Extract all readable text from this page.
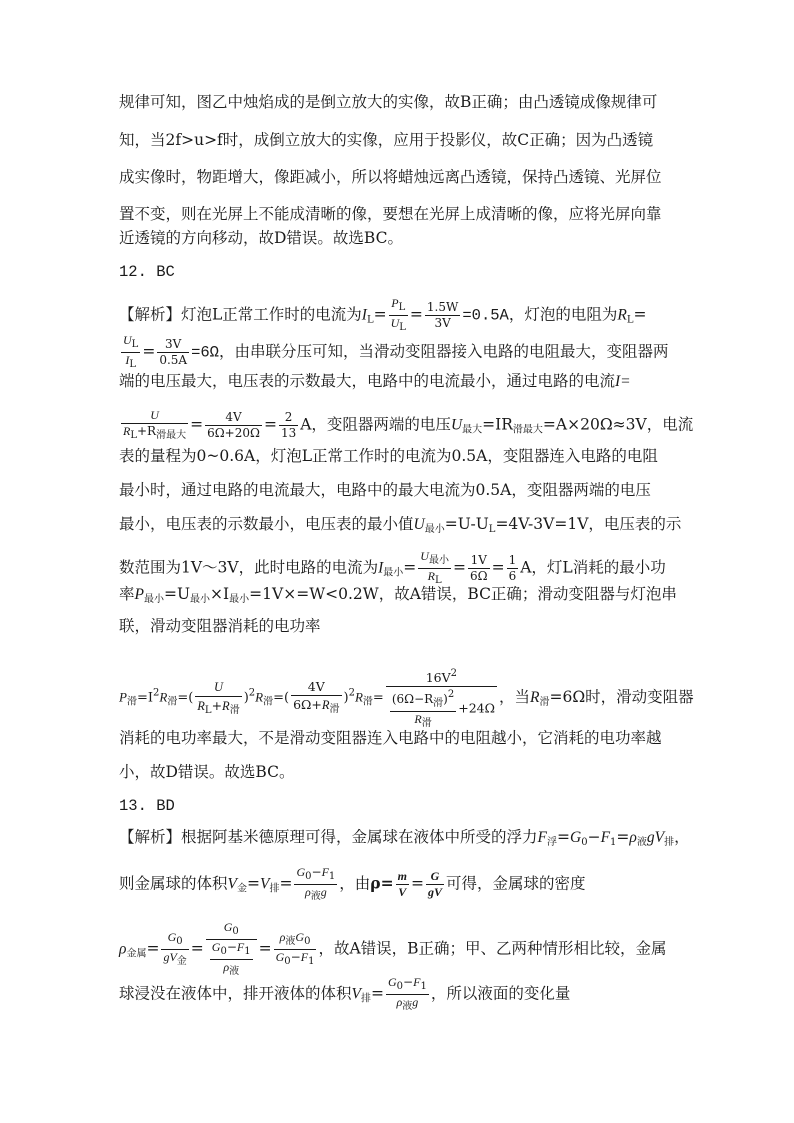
规律可知，图乙中烛焰成的是倒立放大的实像，故B正确；由凸透镜成像规律可
知，当2f>u>f时，成倒立放大的实像，应用于投影仪，故C正确；因为凸透镜
成实像时，物距增大，像距减小，所以将蜡烛远离凸透镜，保持凸透镜、光屏位
置不变，则在光屏上不能成清晰的像，要想在光屏上成清晰的像，应将光屏向靠
近透镜的方向移动，故D错误。故选BC。
12. BC
【解析】灯泡L正常工作时的电流为$I_L= \frac{P_L}{U_L} = \frac{1.5W}{3V} =0.5A$，灯泡的电阻为$R_L=$
$\frac{U_L}{I_L} = \frac{3V}{0.5A} =6\Omega$，由串联分压可知，当滑动变阻器接入电路的电阻最大，变阻器两
端的电压最大，电压表的示数最大，电路中的电流最小，通过电路的电流I=
$\frac{U}{R_L+R_{滑最大}} = \frac{4V}{6\Omega+20\Omega} = \frac{2}{13}$ A，变阻器两端的电压$U_{最大}=IR_{滑最大}=A\times 20\Omega\approx 3V$，电流
表的量程为0~0.6A，灯泡L正常工作时的电流为0.5A，变阻器连入电路的电阻
最小时，通过电路的电流最大，电路中的最大电流为0.5A，变阻器两端的电压
最小，电压表的示数最小，电压表的最小值$U_{最小}=U-U_L=4V-3V=1V$，电压表的示
数范围为1V～3V，此时电路的电流为$I_{最小}= \frac{U_{最小}}{R_L} = \frac{1V}{6\Omega} = \frac{1}{6}$ A，灯L消耗的最小功
率$P_{最小}=U_{最小}\times I_{最小}=1V\times=W<0.2W$，故A错误，BC正确；滑动变阻器与灯泡串
联，滑动变阻器消耗的电功率
$P_滑=I^2R_滑=( \frac{U}{R_L+R_滑} )^2R_滑=( \frac{4V}{6\Omega+R_滑} )^2R_滑= \frac{16V^2}{\frac{(6\Omega-R_滑)^2}{R_滑} +24\Omega}$ ，当$R_滑=6\Omega$时，滑动变阻器
消耗的电功率最大，不是滑动变阻器连入电路中的电阻越小，它消耗的电功率越
小，故D错误。故选BC。
13. BD
【解析】根据阿基米德原理可得，金属球在液体中所受的浮力$F_浮=G_0-F_1=\rho_液gV_排$，
则金属球的体积$V_金=V_排= \frac{G_0-F_1}{\rho_液g}$ ，由$\rho= \frac{m}{V} = \frac{G}{gV}$ 可得，金属球的密度
$\rho_{金属}= \frac{G_0}{gV_金} = \frac{G_0}{\frac{G_0-F_1}{\rho_液}} = \frac{\rho_液G_0}{G_0-F_1}$ ，故A错误，B正确；甲、乙两种情形相比较，金属
球浸没在液体中，排开液体的体积$V_排= \frac{G_0-F_1}{\rho_液g}$ ，所以液面的变化量
